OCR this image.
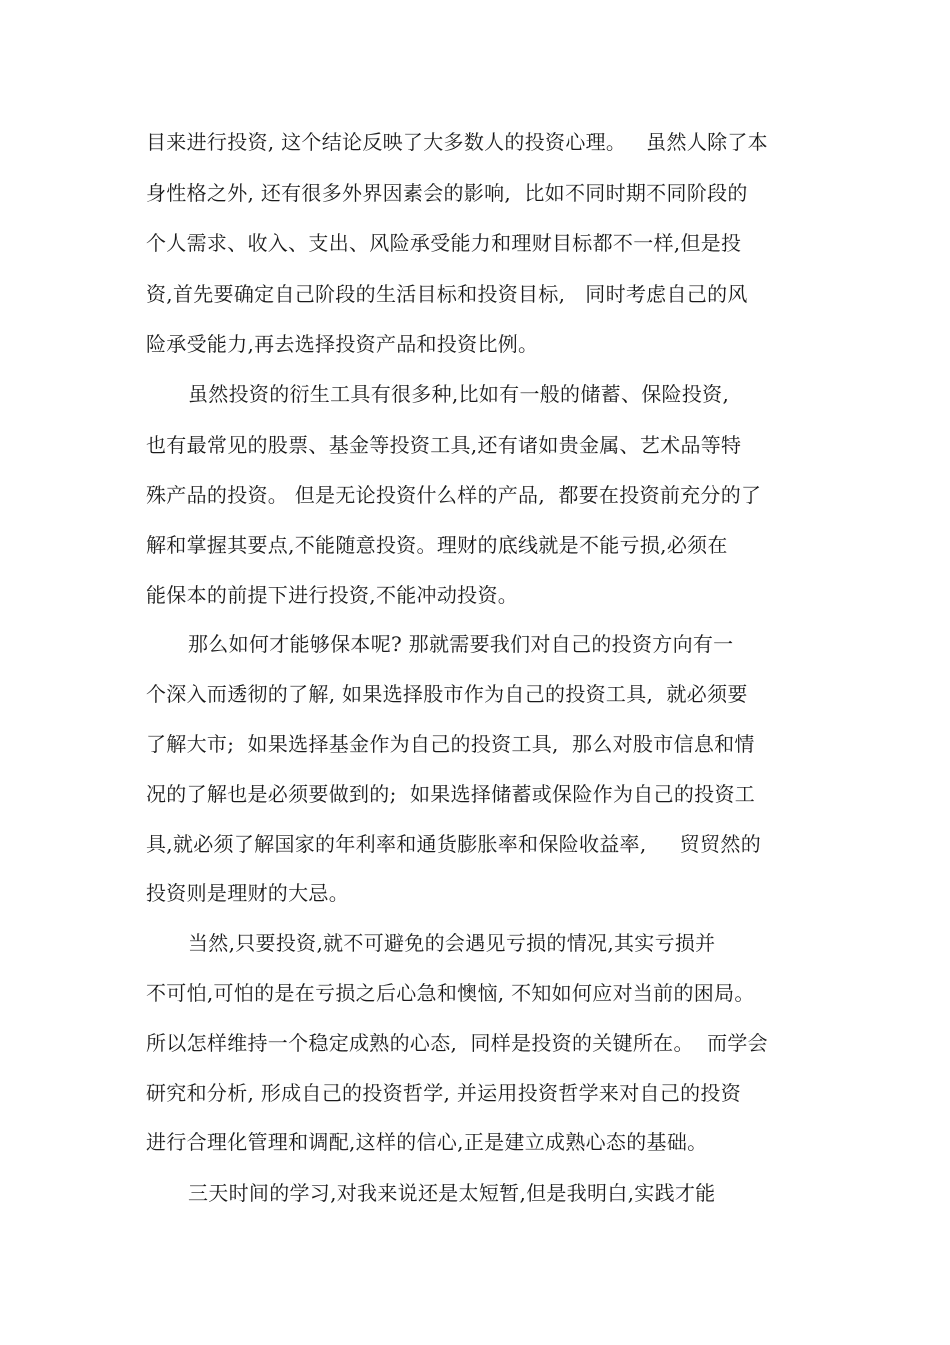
目来进行投资, 这个结论反映了大多数人的投资心理。   虽然人除了本
身性格之外, 还有很多外界因素会的影响,  比如不同时期不同阶段的
个人需求、收入、支出、风险承受能力和理财目标都不一样,但是投
资,首先要确定自己阶段的生活目标和投资目标,   同时考虑自己的风
险承受能力,再去选择投资产品和投资比例。
虽然投资的衍生工具有很多种,比如有一般的储蓄、保险投资,
也有最常见的股票、基金等投资工具,还有诸如贵金属、艺术品等特
殊产品的投资。 但是无论投资什么样的产品,  都要在投资前充分的了
解和掌握其要点,不能随意投资。理财的底线就是不能亏损,必须在
能保本的前提下进行投资,不能冲动投资。
那么如何才能够保本呢? 那就需要我们对自己的投资方向有一
个深入而透彻的了解, 如果选择股市作为自己的投资工具,  就必须要
了解大市;  如果选择基金作为自己的投资工具,  那么对股市信息和情
况的了解也是必须要做到的;  如果选择储蓄或保险作为自己的投资工
具,就必须了解国家的年利率和通货膨胀率和保险收益率,     贸贸然的
投资则是理财的大忌。
当然,只要投资,就不可避免的会遇见亏损的情况,其实亏损并
不可怕,可怕的是在亏损之后心急和懊恼, 不知如何应对当前的困局。
所以怎样维持一个稳定成熟的心态,  同样是投资的关键所在。  而学会
研究和分析, 形成自己的投资哲学, 并运用投资哲学来对自己的投资
进行合理化管理和调配,这样的信心,正是建立成熟心态的基础。
三天时间的学习,对我来说还是太短暂,但是我明白,实践才能
